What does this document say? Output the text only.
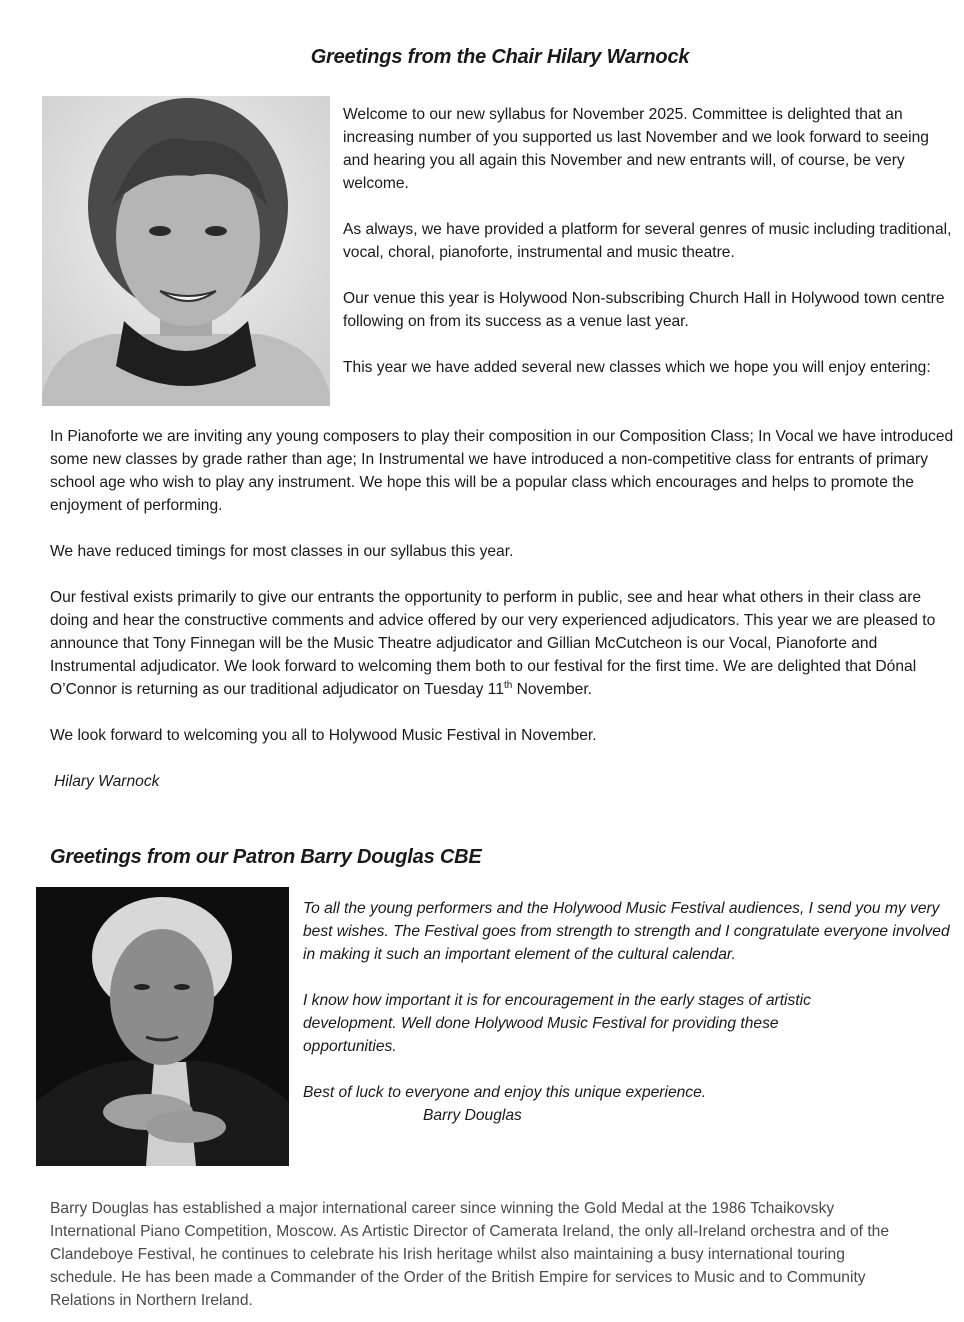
Greetings from the Chair Hilary Warnock

Welcome to our new syllabus for November 2025. Committee is delighted that an increasing number of you supported us last November and we look forward to seeing and hearing you all again this November and new entrants will, of course, be very welcome.

As always, we have provided a platform for several genres of music including traditional, vocal, choral, pianoforte, instrumental and music theatre.

Our venue this year is Holywood Non-subscribing Church Hall in Holywood town centre following on from its success as a venue last year.

This year we have added several new classes which we hope you will enjoy entering:

In Pianoforte we are inviting any young composers to play their composition in our Composition Class; In Vocal we have introduced some new classes by grade rather than age; In Instrumental we have introduced a non-competitive class for entrants of primary school age who wish to play any instrument. We hope this will be a popular class which encourages and helps to promote the enjoyment of performing.

We have reduced timings for most classes in our syllabus this year.

Our festival exists primarily to give our entrants the opportunity to perform in public, see and hear what others in their class are doing and hear the constructive comments and advice offered by our very experienced adjudicators. This year we are pleased to announce that Tony Finnegan will be the Music Theatre adjudicator and Gillian McCutcheon is our Vocal, Pianoforte and Instrumental adjudicator. We look forward to welcoming them both to our festival for the first time. We are delighted that Dónal O’Connor is returning as our traditional adjudicator on Tuesday 11th November.

We look forward to welcoming you all to Holywood Music Festival in November.

Hilary Warnock

Greetings from our Patron Barry Douglas CBE

To all the young performers and the Holywood Music Festival audiences, I send you my very best wishes. The Festival goes from strength to strength and I congratulate everyone involved in making it such an important element of the cultural calendar.

I know how important it is for encouragement in the early stages of artistic development. Well done Holywood Music Festival for providing these opportunities.

Best of luck to everyone and enjoy this unique experience.

Barry Douglas

Barry Douglas has established a major international career since winning the Gold Medal at the 1986 Tchaikovsky International Piano Competition, Moscow. As Artistic Director of Camerata Ireland, the only all-Ireland orchestra and of the Clandeboye Festival, he continues to celebrate his Irish heritage whilst also maintaining a busy international touring schedule. He has been made a Commander of the Order of the British Empire for services to Music and to Community Relations in Northern Ireland.
